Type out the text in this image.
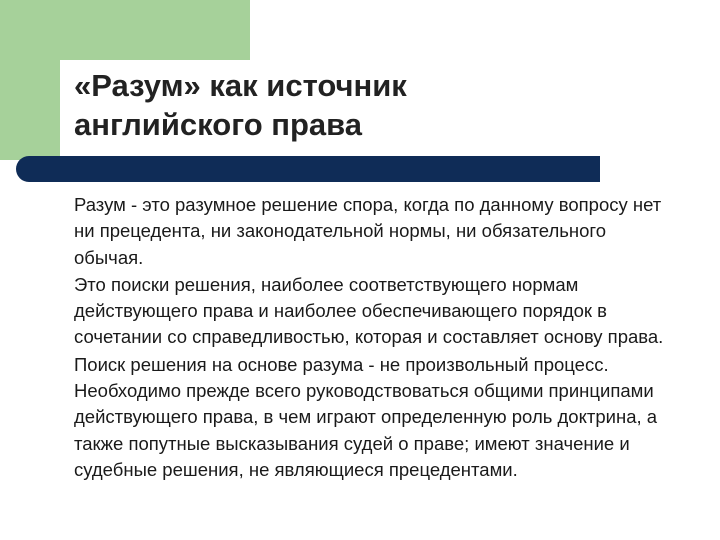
«Разум» как источник
английского права

Разум - это разумное решение спора, когда по данному вопросу нет ни прецедента, ни законодательной нормы, ни обязательного обычая.

Это поиски решения, наиболее соответствующего нормам действующего права и наиболее обеспечивающего порядок в сочетании со справедливостью, которая и составляет основу права.

Поиск решения на основе разума - не произвольный процесс. Необходимо прежде всего руководствоваться общими принципами действующего права, в чем играют определенную роль доктрина, а также попутные высказывания судей о праве; имеют значение и судебные решения, не являющиеся прецедентами.
